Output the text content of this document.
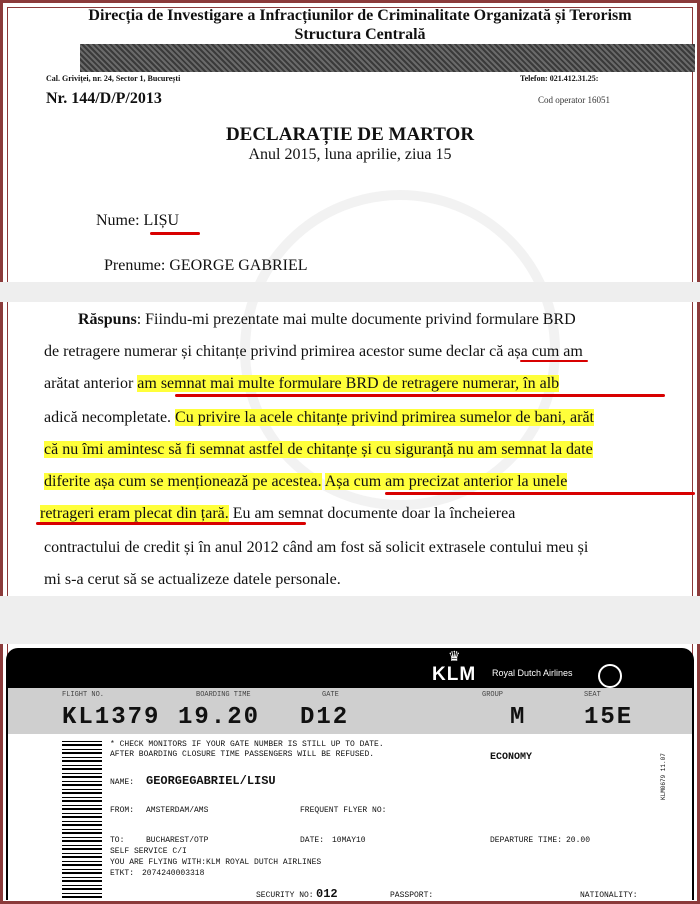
Direcția de Investigare a Infracțiunilor de Criminalitate Organizată și Terorism
Structura Centrală
Cal. Griviței, nr. 24, Sector 1, București	Telefon: 021.412.31.25:
Nr. 144/D/P/2013	Cod operator 16051
DECLARAȚIE DE MARTOR
Anul 2015, luna aprilie, ziua 15
Nume: LIȘU
Prenume: GEORGE GABRIEL
Răspuns: Fiindu-mi prezentate mai multe documente privind formulare BRD
de retragere numerar și chitanțe privind primirea acestor sume declar că așa cum am
arătat anterior am semnat mai multe formulare BRD de retragere numerar, în alb
adică necompletate. Cu privire la acele chitanțe privind primirea sumelor de bani, arăt
că nu îmi amintesc să fi semnat astfel de chitanțe și cu siguranță nu am semnat la date
diferite așa cum se menționează pe acestea. Așa cum am precizat anterior la unele
retrageri eram plecat din țară. Eu am semnat documente doar la încheierea
contractului de credit și în anul 2012 când am fost să solicit extrasele contului meu și
mi s-a cerut să se actualizeze datele personale.
♛
KLM Royal Dutch Airlines
FLIGHT NO.	BOARDING TIME	GATE	GROUP	SEAT
KL1379 19.20 D12	M 15E
* CHECK MONITORS IF YOUR GATE NUMBER IS STILL UP TO DATE.
AFTER BOARDING CLOSURE TIME PASSENGERS WILL BE REFUSED.	ECONOMY
NAME: GEORGEGABRIEL/LISU
FROM: AMSTERDAM/AMS	FREQUENT FLYER NO:
TO:	BUCHAREST/OTP	DATE: 10MAY10	DEPARTURE TIME: 20.00
SELF SERVICE C/I
YOU ARE FLYING WITH:KLM ROYAL DUTCH AIRLINES
ETKT: 2074240003318
SECURITY NO: 012	PASSPORT:	NATIONALITY:
KLM0679 11.07
